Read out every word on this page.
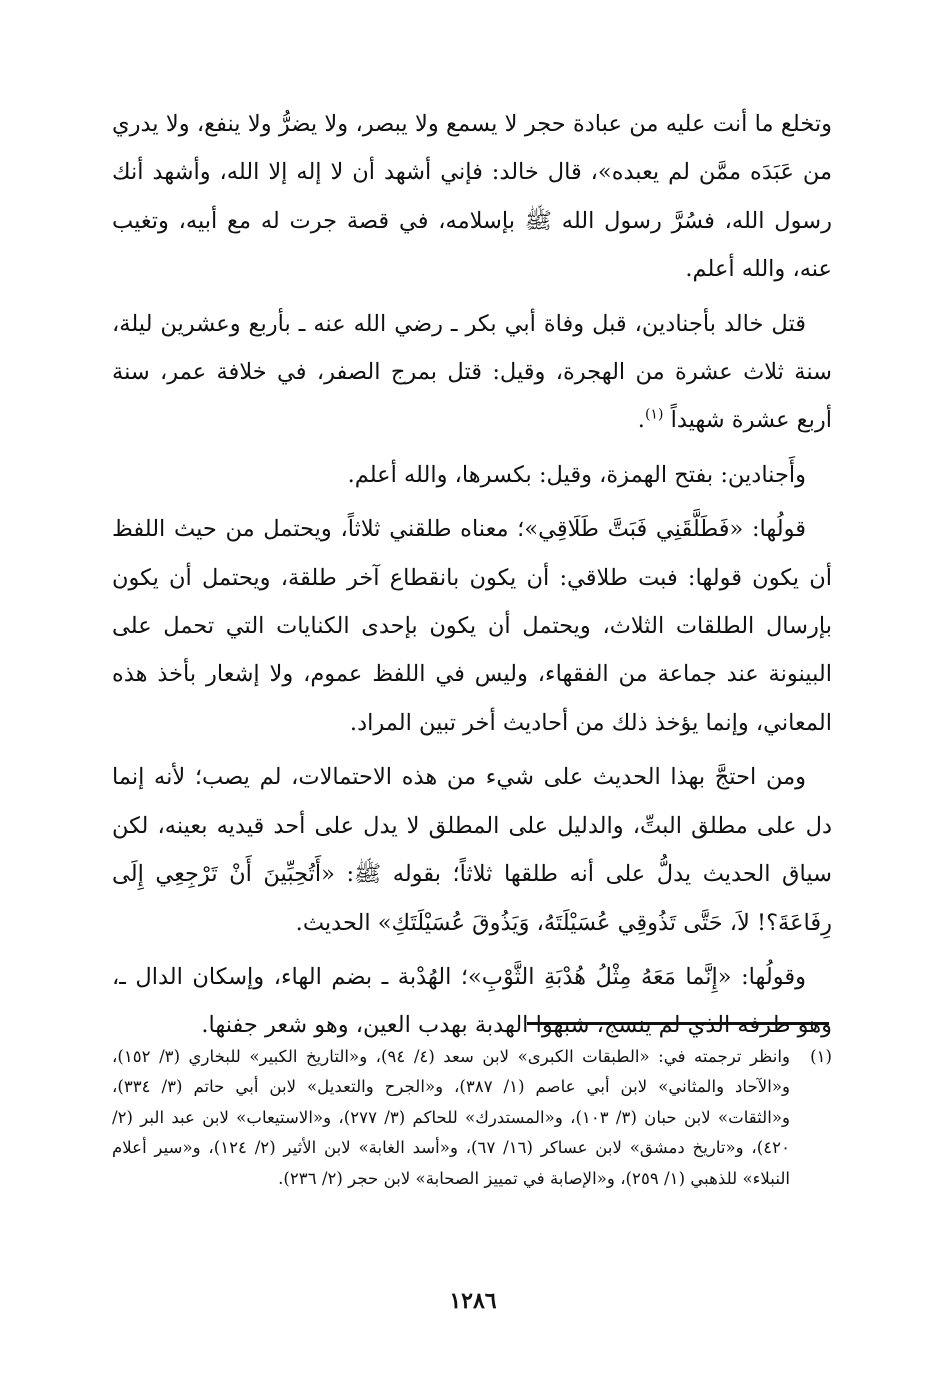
وتخلع ما أنت عليه من عبادة حجر لا يسمع ولا يبصر، ولا يضرُّ ولا ينفع، ولا يدري من عَبَدَه ممَّن لم يعبده»، قال خالد: فإني أشهد أن لا إله إلا الله، وأشهد أنك رسول الله، فسُرَّ رسول الله ﷺ بإسلامه، في قصة جرت له مع أبيه، وتغيب عنه، والله أعلم.

قتل خالد بأجنادين، قبل وفاة أبي بكر ـ رضي الله عنه ـ بأربع وعشرين ليلة، سنة ثلاث عشرة من الهجرة، وقيل: قتل بمرج الصفر، في خلافة عمر، سنة أربع عشرة شهيداً $^{(١)}$.

وأَجنادين: بفتح الهمزة، وقيل: بكسرها، والله أعلم.

قولُها: «فَطَلَّقَنِي فَبَتَّ طَلَاقِي»؛ معناه طلقني ثلاثاً، ويحتمل من حيث اللفظ أن يكون قولها: فبت طلاقي: أن يكون بانقطاع آخر طلقة، ويحتمل أن يكون بإرسال الطلقات الثلاث، ويحتمل أن يكون بإحدى الكنايات التي تحمل على البينونة عند جماعة من الفقهاء، وليس في اللفظ عموم، ولا إشعار بأخذ هذه المعاني، وإنما يؤخذ ذلك من أحاديث أخر تبين المراد.

ومن احتجَّ بهذا الحديث على شيء من هذه الاحتمالات، لم يصب؛ لأنه إنما دل على مطلق البتِّ، والدليل على المطلق لا يدل على أحد قيديه بعينه، لكن سياق الحديث يدلُّ على أنه طلقها ثلاثاً؛ بقوله ﷺ: «أَتُحِبِّينَ أَنْ تَرْجِعِي إِلَى رِفَاعَةَ؟! لاَ، حَتَّى تَذُوقِي عُسَيْلَتَهُ، وَيَذُوقَ عُسَيْلَتَكِ» الحديث.

وقولُها: «إِنَّما مَعَهُ مِثْلُ هُدْبَةِ الثَّوْبِ»؛ الهُدْبة ـ بضم الهاء، وإسكان الدال ـ، وهو طرفه الذي لم ينسج، شبهوا الهدبة بهدب العين، وهو شعر جفنها.

(١)
وانظر ترجمته في: «الطبقات الكبرى» لابن سعد (٤/ ٩٤)، و«التاريخ الكبير» للبخاري (٣/ ١٥٢)، و«الآحاد والمثاني» لابن أبي عاصم (١/ ٣٨٧)، و«الجرح والتعديل» لابن أبي حاتم (٣/ ٣٣٤)، و«الثقات» لابن حبان (٣/ ١٠٣)، و«المستدرك» للحاكم (٣/ ٢٧٧)، و«الاستيعاب» لابن عبد البر (٢/ ٤٢٠)، و«تاريخ دمشق» لابن عساكر (١٦/ ٦٧)، و«أسد الغابة» لابن الأثير (٢/ ١٢٤)، و«سير أعلام النبلاء» للذهبي (١/ ٢٥٩)، و«الإصابة في تمييز الصحابة» لابن حجر (٢/ ٢٣٦).
١٢٨٦
